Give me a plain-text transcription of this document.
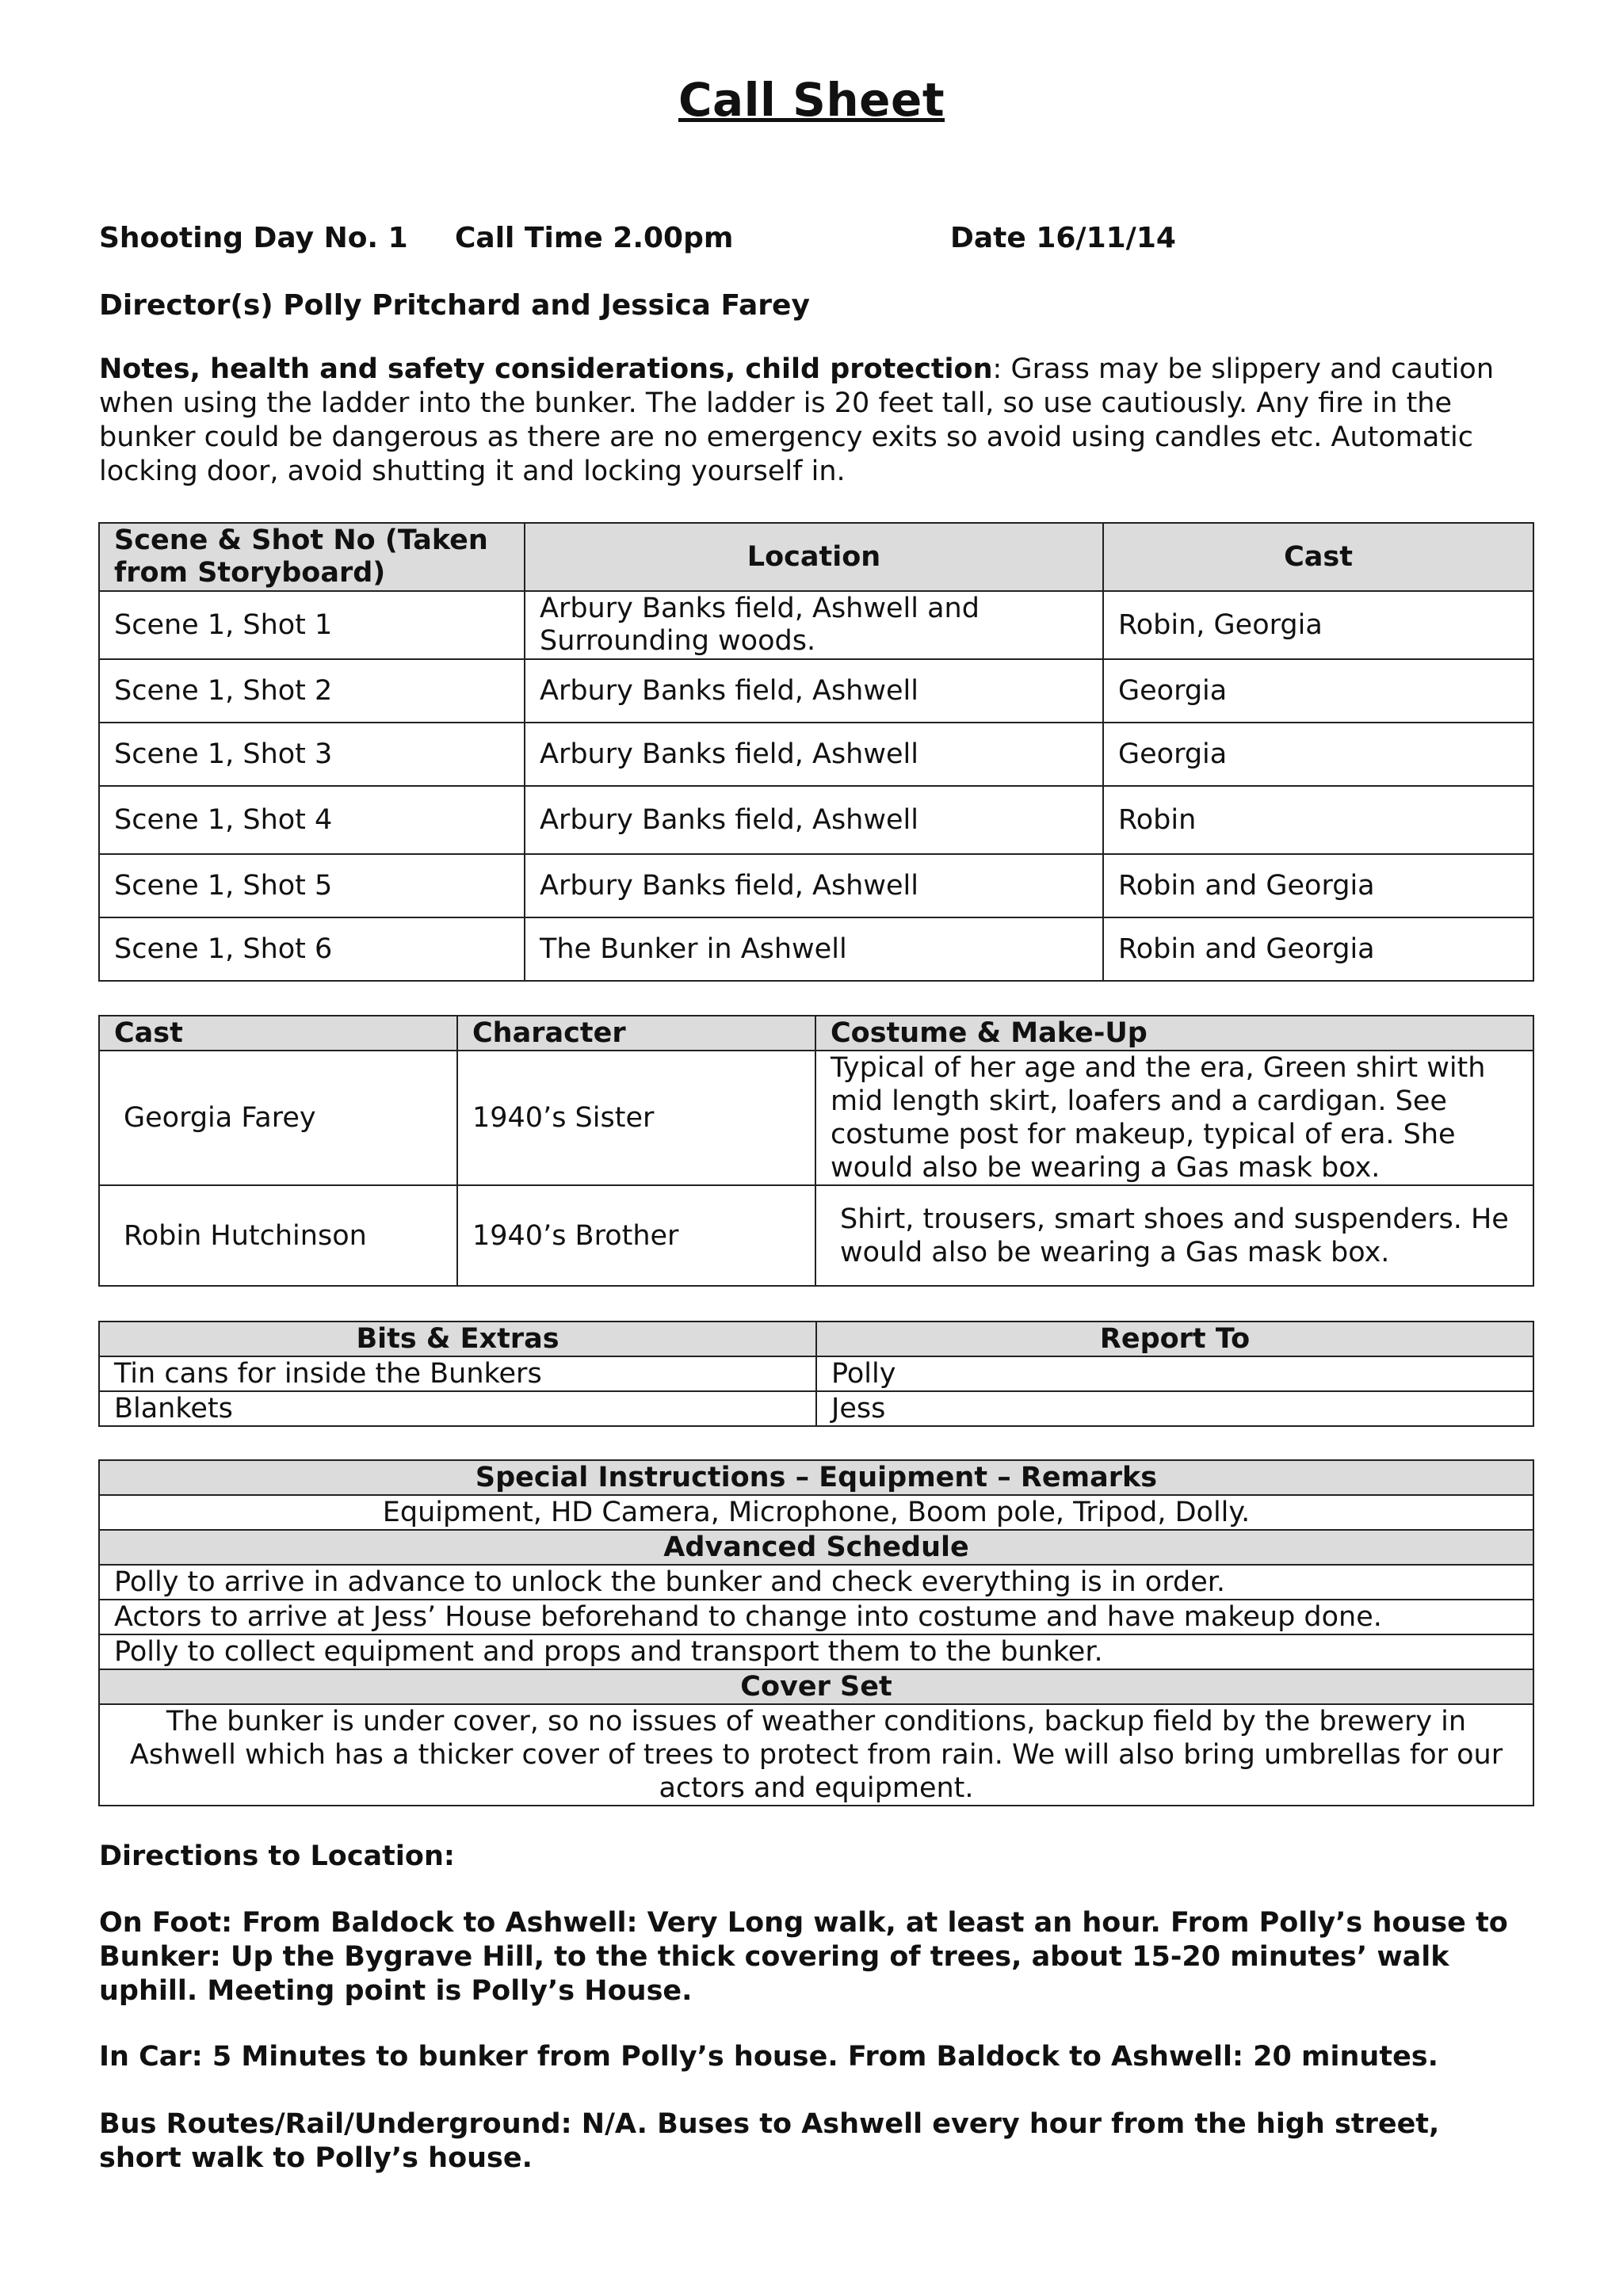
Call Sheet
Shooting Day No. 1 Call Time 2.00pm	Date 16/11/14
Director(s) Polly Pritchard and Jessica Farey
Notes, health and safety considerations, child protection: Grass may be slippery and caution when using the ladder into the bunker. The ladder is 20 feet tall, so use cautiously. Any fire in the bunker could be dangerous as there are no emergency exits so avoid using candles etc. Automatic locking door, avoid shutting it and locking yourself in.
Scene & Shot No (Taken from Storyboard)	Location	Cast
Scene 1, Shot 1	Arbury Banks field, Ashwell and Surrounding woods.	Robin, Georgia
Scene 1, Shot 2	Arbury Banks field, Ashwell	Georgia
Scene 1, Shot 3	Arbury Banks field, Ashwell	Georgia
Scene 1, Shot 4	Arbury Banks field, Ashwell	Robin
Scene 1, Shot 5	Arbury Banks field, Ashwell	Robin and Georgia
Scene 1, Shot 6	The Bunker in Ashwell	Robin and Georgia
Cast	Character	Costume & Make-Up
Georgia Farey	1940’s Sister	Typical of her age and the era, Green shirt with mid length skirt, loafers and a cardigan. See costume post for makeup, typical of era. She would also be wearing a Gas mask box.
Robin Hutchinson	1940’s Brother	Shirt, trousers, smart shoes and suspenders. He would also be wearing a Gas mask box.
Bits & Extras	Report To
Tin cans for inside the Bunkers	Polly
Blankets	Jess
Special Instructions – Equipment – Remarks
Equipment, HD Camera, Microphone, Boom pole, Tripod, Dolly.
Advanced Schedule
Polly to arrive in advance to unlock the bunker and check everything is in order.
Actors to arrive at Jess’ House beforehand to change into costume and have makeup done.
Polly to collect equipment and props and transport them to the bunker.
Cover Set
The bunker is under cover, so no issues of weather conditions, backup field by the brewery in Ashwell which has a thicker cover of trees to protect from rain. We will also bring umbrellas for our actors and equipment.
Directions to Location:
On Foot: From Baldock to Ashwell: Very Long walk, at least an hour. From Polly’s house to Bunker: Up the Bygrave Hill, to the thick covering of trees, about 15-20 minutes’ walk uphill. Meeting point is Polly’s House.
In Car: 5 Minutes to bunker from Polly’s house. From Baldock to Ashwell: 20 minutes.
Bus Routes/Rail/Underground: N/A. Buses to Ashwell every hour from the high street, short walk to Polly’s house.
